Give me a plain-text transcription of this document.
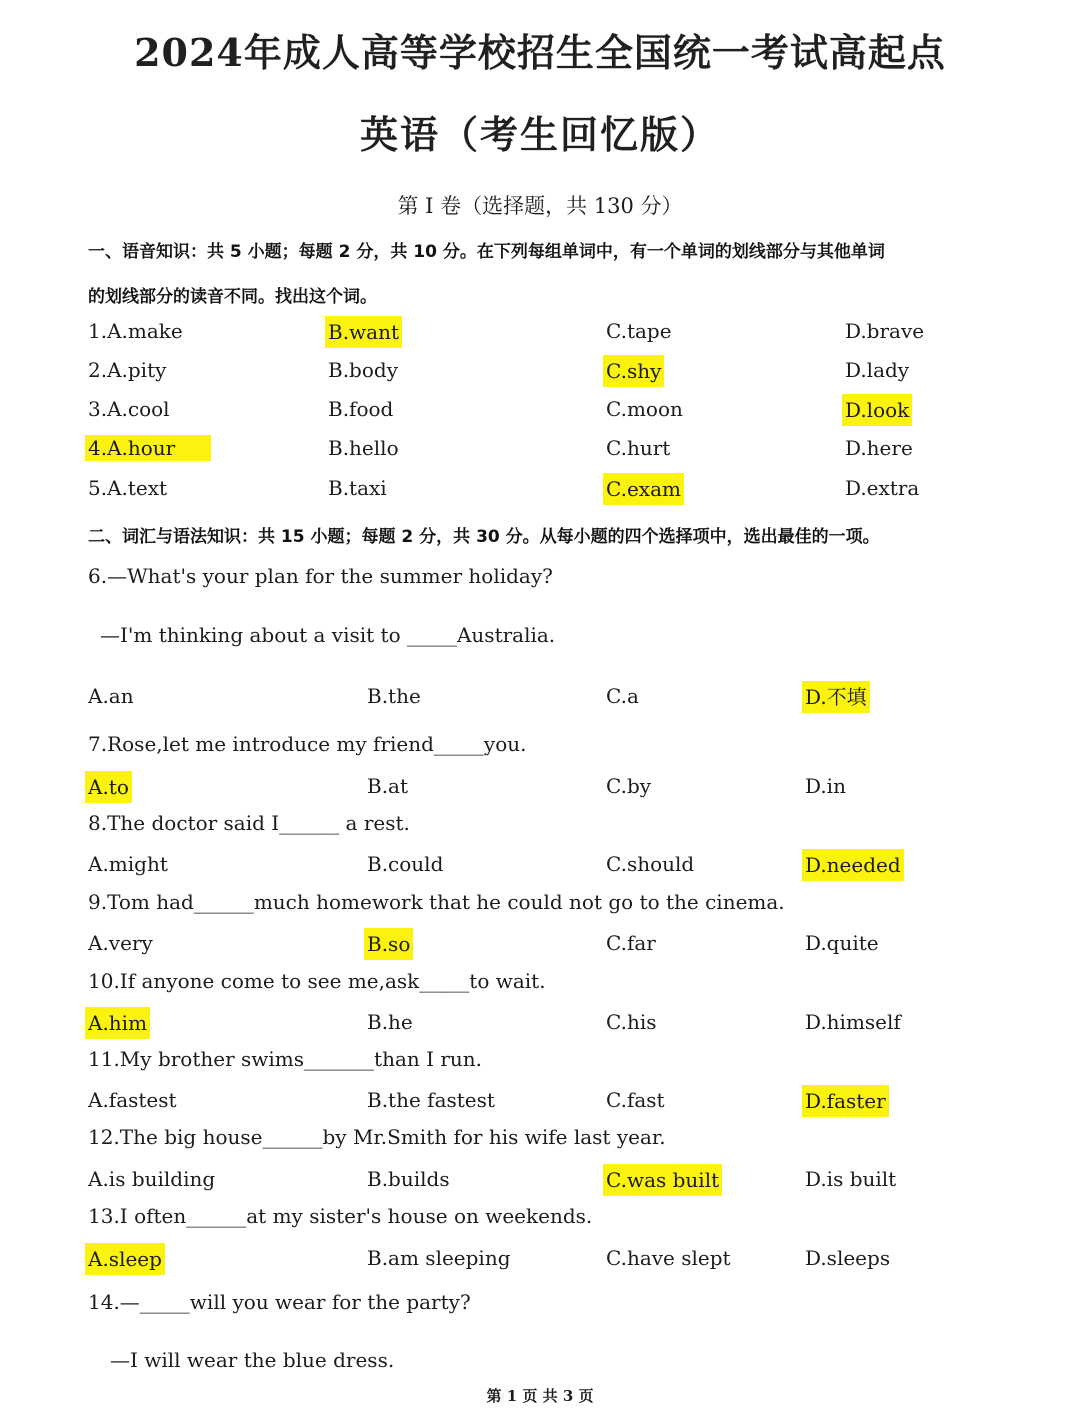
2024年成人高等学校招生全国统一考试高起点
英语（考生回忆版）
第 I 卷（选择题，共 130 分）
一、语音知识：共 5 小题；每题 2 分，共 10 分。在下列每组单词中，有一个单词的划线部分与其他单词
的划线部分的读音不同。找出这个词。
1.A.make	B.want	C.tape	D.brave
2.A.pity	B.body	C.shy	D.lady
3.A.cool	B.food	C.moon	D.look
4.A.hour	B.hello	C.hurt	D.here
5.A.text	B.taxi	C.exam	D.extra
二、词汇与语法知识：共 15 小题；每题 2 分，共 30 分。从每小题的四个选择项中，选出最佳的一项。
6.—What's your plan for the summer holiday?
—I'm thinking about a visit to _____Australia.
A.an	B.the	C.a	D.不填
7.Rose,let me introduce my friend_____you.
A.to	B.at	C.by	D.in
8.The doctor said I______ a rest.
A.might	B.could	C.should	D.needed
9.Tom had______much homework that he could not go to the cinema.
A.very	B.so	C.far	D.quite
10.If anyone come to see me,ask_____to wait.
A.him	B.he	C.his	D.himself
11.My brother swims_______than I run.
A.fastest	B.the fastest	C.fast	D.faster
12.The big house______by Mr.Smith for his wife last year.
A.is building	B.builds	C.was built	D.is built
13.I often______at my sister's house on weekends.
A.sleep	B.am sleeping	C.have slept	D.sleeps
14.—_____will you wear for the party?
—I will wear the blue dress.
第 1 页 共 3 页
